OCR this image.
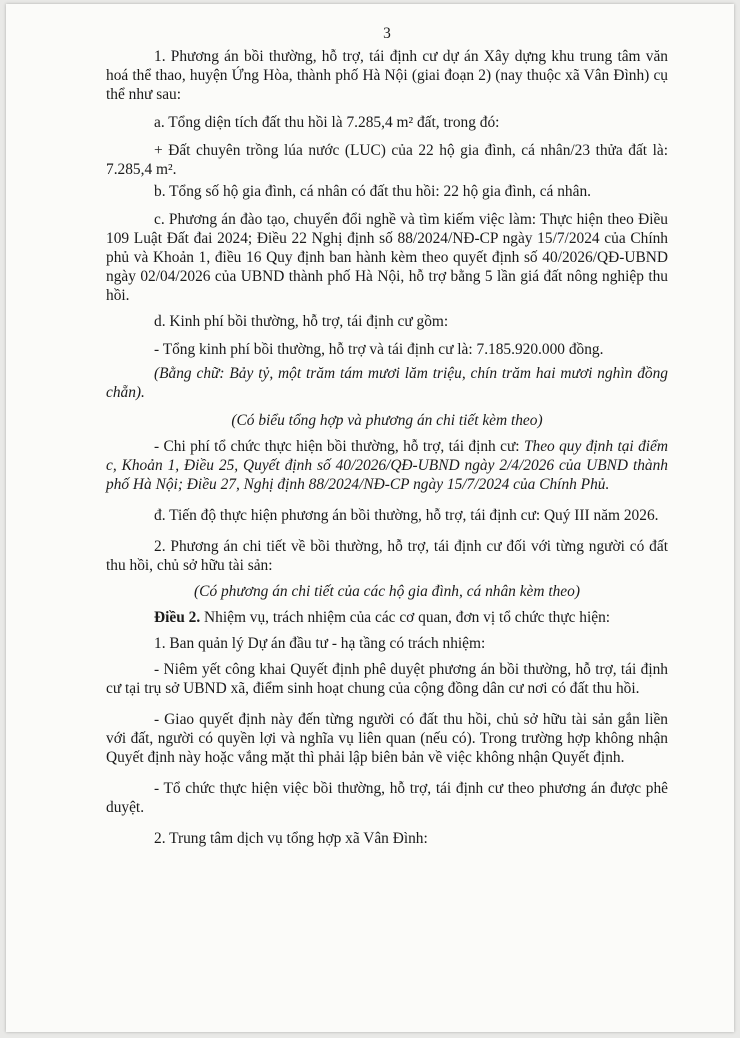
3

1. Phương án bồi thường, hỗ trợ, tái định cư dự án Xây dựng khu trung tâm văn hoá thể thao, huyện Ứng Hòa, thành phố Hà Nội (giai đoạn 2) (nay thuộc xã Vân Đình) cụ thể như sau:

a. Tổng diện tích đất thu hồi là 7.285,4 m² đất, trong đó:

+ Đất chuyên trồng lúa nước (LUC) của 22 hộ gia đình, cá nhân/23 thửa đất là: 7.285,4 m².

b. Tổng số hộ gia đình, cá nhân có đất thu hồi: 22 hộ gia đình, cá nhân.

c. Phương án đào tạo, chuyển đổi nghề và tìm kiếm việc làm: Thực hiện theo Điều 109 Luật Đất đai 2024; Điều 22 Nghị định số 88/2024/NĐ-CP ngày 15/7/2024 của Chính phủ và Khoản 1, điều 16 Quy định ban hành kèm theo quyết định số 40/2026/QĐ-UBND ngày 02/04/2026 của UBND thành phố Hà Nội, hỗ trợ bằng 5 lần giá đất nông nghiệp thu hồi.

d. Kinh phí bồi thường, hỗ trợ, tái định cư gồm:

- Tổng kinh phí bồi thường, hỗ trợ và tái định cư là: 7.185.920.000 đồng.

(Bằng chữ: Bảy tỷ, một trăm tám mươi lăm triệu, chín trăm hai mươi nghìn đồng chẵn).

(Có biểu tổng hợp và phương án chi tiết kèm theo)

- Chi phí tổ chức thực hiện bồi thường, hỗ trợ, tái định cư: Theo quy định tại điểm c, Khoản 1, Điều 25, Quyết định số 40/2026/QĐ-UBND ngày 2/4/2026 của UBND thành phố Hà Nội; Điều 27, Nghị định 88/2024/NĐ-CP ngày 15/7/2024 của Chính Phủ.

đ. Tiến độ thực hiện phương án bồi thường, hỗ trợ, tái định cư: Quý III năm 2026.

2. Phương án chi tiết về bồi thường, hỗ trợ, tái định cư đối với từng người có đất thu hồi, chủ sở hữu tài sản:

(Có phương án chi tiết của các hộ gia đình, cá nhân kèm theo)

Điều 2. Nhiệm vụ, trách nhiệm của các cơ quan, đơn vị tổ chức thực hiện:

1. Ban quản lý Dự án đầu tư - hạ tầng có trách nhiệm:

- Niêm yết công khai Quyết định phê duyệt phương án bồi thường, hỗ trợ, tái định cư tại trụ sở UBND xã, điểm sinh hoạt chung của cộng đồng dân cư nơi có đất thu hồi.

- Giao quyết định này đến từng người có đất thu hồi, chủ sở hữu tài sản gắn liền với đất, người có quyền lợi và nghĩa vụ liên quan (nếu có). Trong trường hợp không nhận Quyết định này hoặc vắng mặt thì phải lập biên bản về việc không nhận Quyết định.

- Tổ chức thực hiện việc bồi thường, hỗ trợ, tái định cư theo phương án được phê duyệt.

2. Trung tâm dịch vụ tổng hợp xã Vân Đình:
